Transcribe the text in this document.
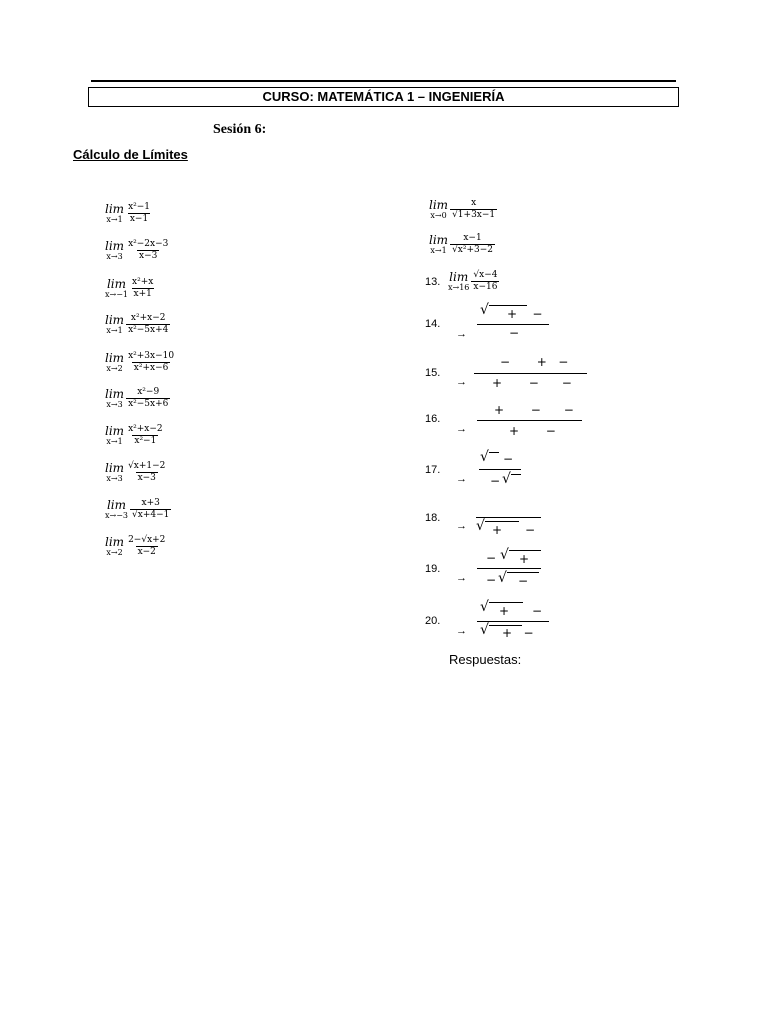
CURSO: MATEMÁTICA 1 – INGENIERÍA
Sesión 6:
Cálculo de Límites
lim
$x\to 1 \frac{\text{x²−1}}{x-1}$
lim
$x\to 3 \frac{\text{x²−2x−3}}{x-3}$
lim
$x\to-1 \frac{\text{x²+x}}{x+1}$
lim
$x\to 1 \frac{\text{x²+x−2}}{\text{x²−5x+4}}$
lim
$x\to 2 \frac{\text{x²+3x−10}}{\text{x²+x−6}}$
lim
$x\to 3 \frac{\text{x²−9}}{\text{x²−5x+6}}$
lim
$x\to 1 \frac{\text{x²+x−2}}{\text{x²−1}}$
lim
$x\to 3 \frac{√x+1-2}{x-3}$
lim
$x\to-3 \frac{x+3}{√x+4-1}$
lim
$x\to 2 \frac{2-√x+2}{x-2}$
lim
$x\to 0 \frac{x}{√1+3x-1}$
lim
$x\to 1 \frac{x-1}{\text{√x²+3−2}}$
13. lim
$x\to 16 \frac{√x-4}{x-16}$
14.
→
√ +    −
−
15.
→
−       +   −
+       −      −
16.
→
+       −      −
+       −
17.
→
√ −
− √
18.
→ √ +      −
19.
→
− √ +
− √ −
20.
→
√ +      −
√ +   −
Respuestas:
